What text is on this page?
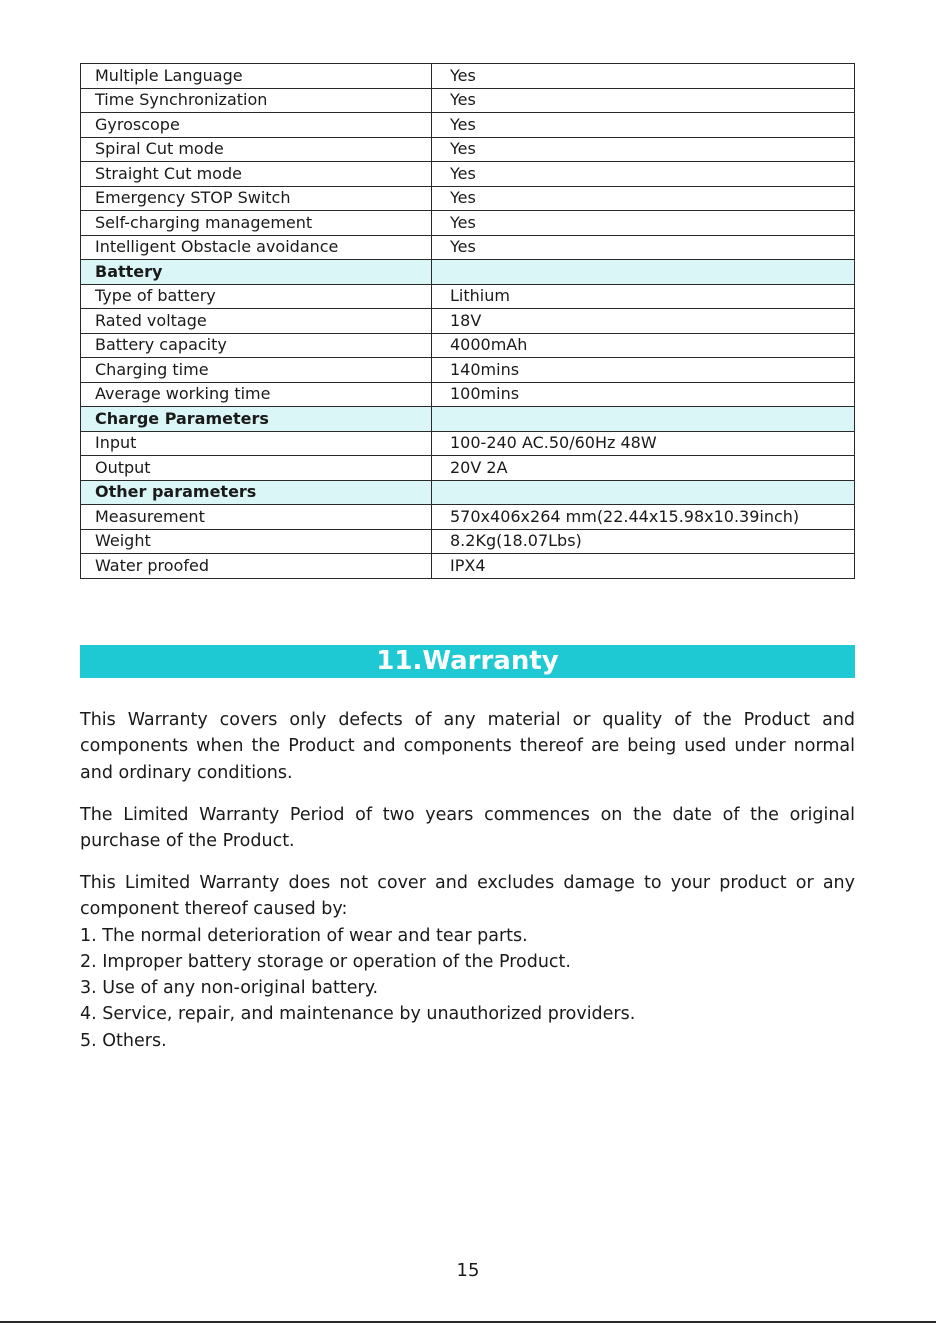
Multiple Language	Yes
Time Synchronization	Yes
Gyroscope	Yes
Spiral Cut mode	Yes
Straight Cut mode	Yes
Emergency STOP Switch	Yes
Self-charging management	Yes
Intelligent Obstacle avoidance	Yes
Battery	
Type of battery	Lithium
Rated voltage	18V
Battery capacity	4000mAh
Charging time	140mins
Average working time	100mins
Charge Parameters	
Input	100-240 AC.50/60Hz 48W
Output	20V 2A
Other parameters	
Measurement	570x406x264 mm(22.44x15.98x10.39inch)
Weight	8.2Kg(18.07Lbs)
Water proofed	IPX4
11.Warranty

This Warranty covers only defects of any material or quality of the Product and components when the Product and components thereof are being used under normal and ordinary conditions.

The Limited Warranty Period of two years commences on the date of the original purchase of the Product.

This Limited Warranty does not cover and excludes damage to your product or any component thereof caused by:

1. The normal deterioration of wear and tear parts.

2. Improper battery storage or operation of the Product.

3. Use of any non-original battery.

4. Service, repair, and maintenance by unauthorized providers.

5. Others.

15
